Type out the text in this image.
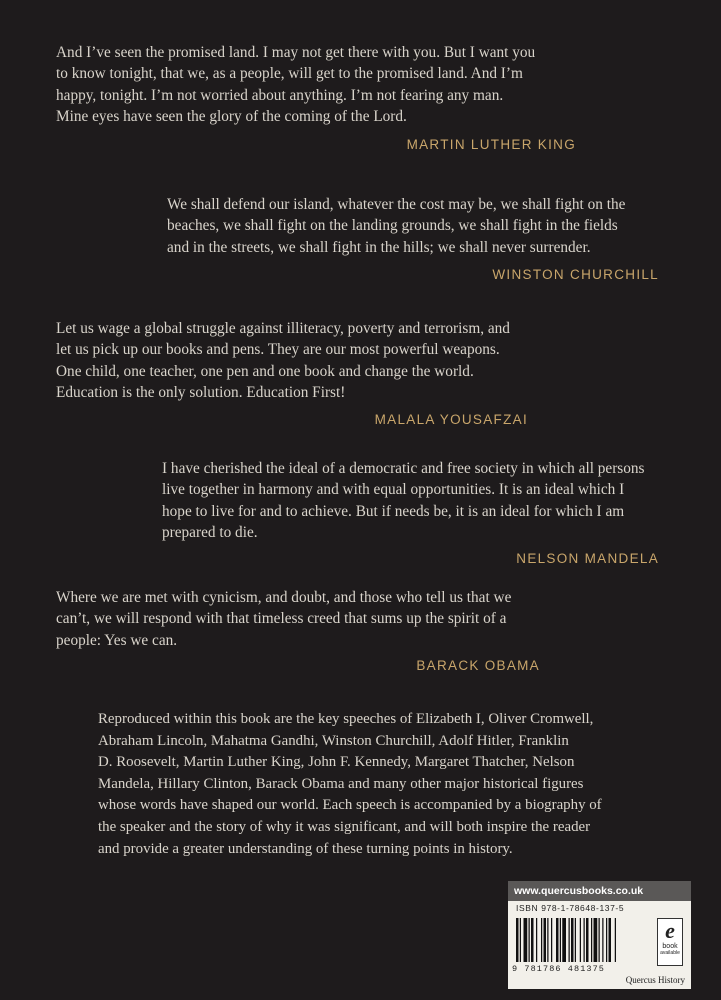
And I’ve seen the promised land. I may not get there with you. But I want you
to know tonight, that we, as a people, will get to the promised land. And I’m
happy, tonight. I’m not worried about anything. I’m not fearing any man.
Mine eyes have seen the glory of the coming of the Lord.

MARTIN LUTHER KING

We shall defend our island, whatever the cost may be, we shall fight on the
beaches, we shall fight on the landing grounds, we shall fight in the fields
and in the streets, we shall fight in the hills; we shall never surrender.

WINSTON CHURCHILL

Let us wage a global struggle against illiteracy, poverty and terrorism, and
let us pick up our books and pens. They are our most powerful weapons.
One child, one teacher, one pen and one book and change the world.
Education is the only solution. Education First!

MALALA YOUSAFZAI

I have cherished the ideal of a democratic and free society in which all persons
live together in harmony and with equal opportunities. It is an ideal which I
hope to live for and to achieve. But if needs be, it is an ideal for which I am
prepared to die.

NELSON MANDELA

Where we are met with cynicism, and doubt, and those who tell us that we
can’t, we will respond with that timeless creed that sums up the spirit of a
people: Yes we can.

BARACK OBAMA
Reproduced within this book are the key speeches of Elizabeth I, Oliver Cromwell,
Abraham Lincoln, Mahatma Gandhi, Winston Churchill, Adolf Hitler, Franklin
D. Roosevelt, Martin Luther King, John F. Kennedy, Margaret Thatcher, Nelson
Mandela, Hillary Clinton, Barack Obama and many other major historical figures
whose words have shaped our world. Each speech is accompanied by a biography of
the speaker and the story of why it was significant, and will both inspire the reader
and provide a greater understanding of these turning points in history.
www.quercusbooks.co.uk
ISBN 978-1-78648-137-5
9 781786 481375
e
book
available
Quercus History
